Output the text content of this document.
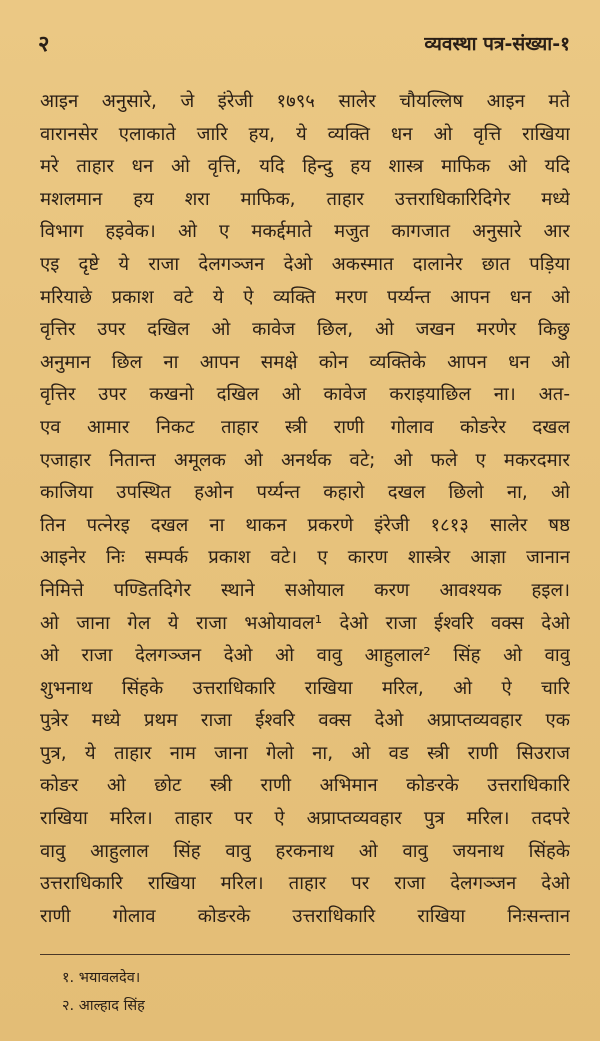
२	व्यवस्था पत्र-संख्या-१
आइन अनुसारे, जे इंरेजी १७९५ सालेर चौयल्लिष आइन मते
वारानसेर एलाकाते जारि हय, ये व्यक्ति धन ओ वृत्ति राखिया
मरे ताहार धन ओ वृत्ति, यदि हिन्दु हय शास्त्र माफिक ओ यदि
मशलमान हय शरा माफिक, ताहार उत्तराधिकारिदिगेर मध्ये
विभाग हइवेक। ओ ए मकर्द्दमाते मजुत कागजात अनुसारे आर
एइ दृष्टे ये राजा देलगञ्जन देओ अकस्मात दालानेर छात पड़िया
मरियाछे प्रकाश वटे ये ऐ व्यक्ति मरण पर्य्यन्त आपन धन ओ
वृत्तिर उपर दखिल ओ कावेज छिल, ओ जखन मरणेर किछु
अनुमान छिल ना आपन समक्षे कोन व्यक्तिके आपन धन ओ
वृत्तिर उपर कखनो दखिल ओ कावेज कराइयाछिल ना। अत-
एव आमार निकट ताहार स्त्री राणी गोलाव कोङरेर दखल
एजाहार नितान्त अमूलक ओ अनर्थक वटे; ओ फले ए मकरदमार
काजिया उपस्थित हओन पर्य्यन्त कहारो दखल छिलो ना, ओ
तिन पत्नेरइ दखल ना थाकन प्रकरणे इंरेजी १८१३ सालेर षष्ठ
आइनेर निः सम्पर्क प्रकाश वटे। ए कारण शास्त्रेर आज्ञा जानान
निमित्ते पण्डितदिगेर स्थाने सओयाल करण आवश्यक हइल।
ओ जाना गेल ये राजा भओयावल¹ देओ राजा ईश्वरि वक्स देओ
ओ राजा देलगञ्जन देओ ओ वावु आहुलाल² सिंह ओ वावु
शुभनाथ सिंहके उत्तराधिकारि राखिया मरिल, ओ ऐ चारि
पुत्रेर मध्ये प्रथम राजा ईश्वरि वक्स देओ अप्राप्तव्यवहार एक
पुत्र, ये ताहार नाम जाना गेलो ना, ओ वड स्त्री राणी सिउराज
कोङर ओ छोट स्त्री राणी अभिमान कोङरके उत्तराधिकारि
राखिया मरिल। ताहार पर ऐ अप्राप्तव्यवहार पुत्र मरिल। तदपरे
वावु आहुलाल सिंह वावु हरकनाथ ओ वावु जयनाथ सिंहके
उत्तराधिकारि राखिया मरिल। ताहार पर राजा देलगञ्जन देओ
राणी गोलाव कोङरके उत्तराधिकारि राखिया निःसन्तान
१. भयावलदेव।
२. आल्हाद सिंह
